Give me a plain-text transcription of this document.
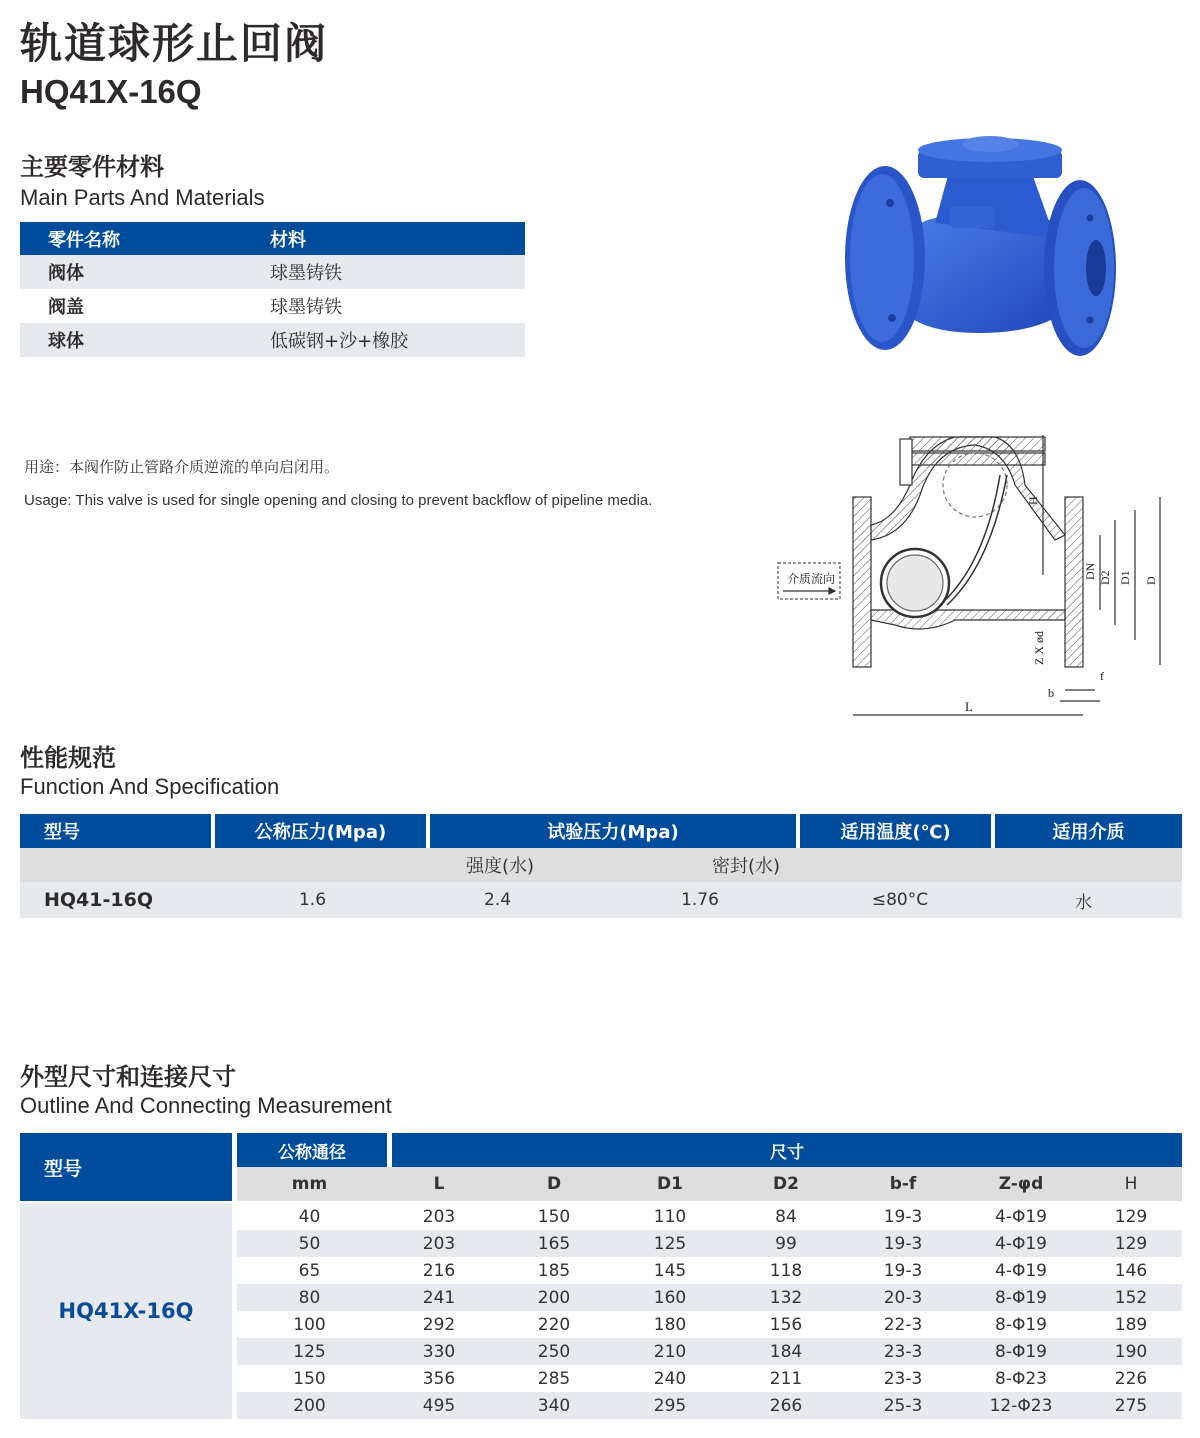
轨道球形止回阀
HQ41X-16Q
主要零件材料
Main Parts And Materials
零件名称	材料
阀体	球墨铸铁
阀盖	球墨铸铁
球体	低碳钢+沙+橡胶
用途：本阀作防止管路介质逆流的单向启闭用。
Usage: This valve is used for single opening and closing to prevent backflow of pipeline media.
介质流向
L
H
DN D2 D1 D
Z X ød
b
f
性能规范
Function And Specification
型号	公称压力(Mpa)	试验压力(Mpa)	适用温度(℃)	适用介质
强度(水)	密封(水)
HQ41-16Q	1.6	2.4	1.76	≤80°C	水
外型尺寸和连接尺寸
Outline And Connecting Measurement
型号
HQ41X-16Q
公称通径	尺寸
mm	L	D	D1	D2	b-f	Z-φd	H
40	203	150	110	84	19-3	4-Φ19	129
50	203	165	125	99	19-3	4-Φ19	129
65	216	185	145	118	19-3	4-Φ19	146
80	241	200	160	132	20-3	8-Φ19	152
100	292	220	180	156	22-3	8-Φ19	189
125	330	250	210	184	23-3	8-Φ19	190
150	356	285	240	211	23-3	8-Φ23	226
200	495	340	295	266	25-3	12-Φ23	275
